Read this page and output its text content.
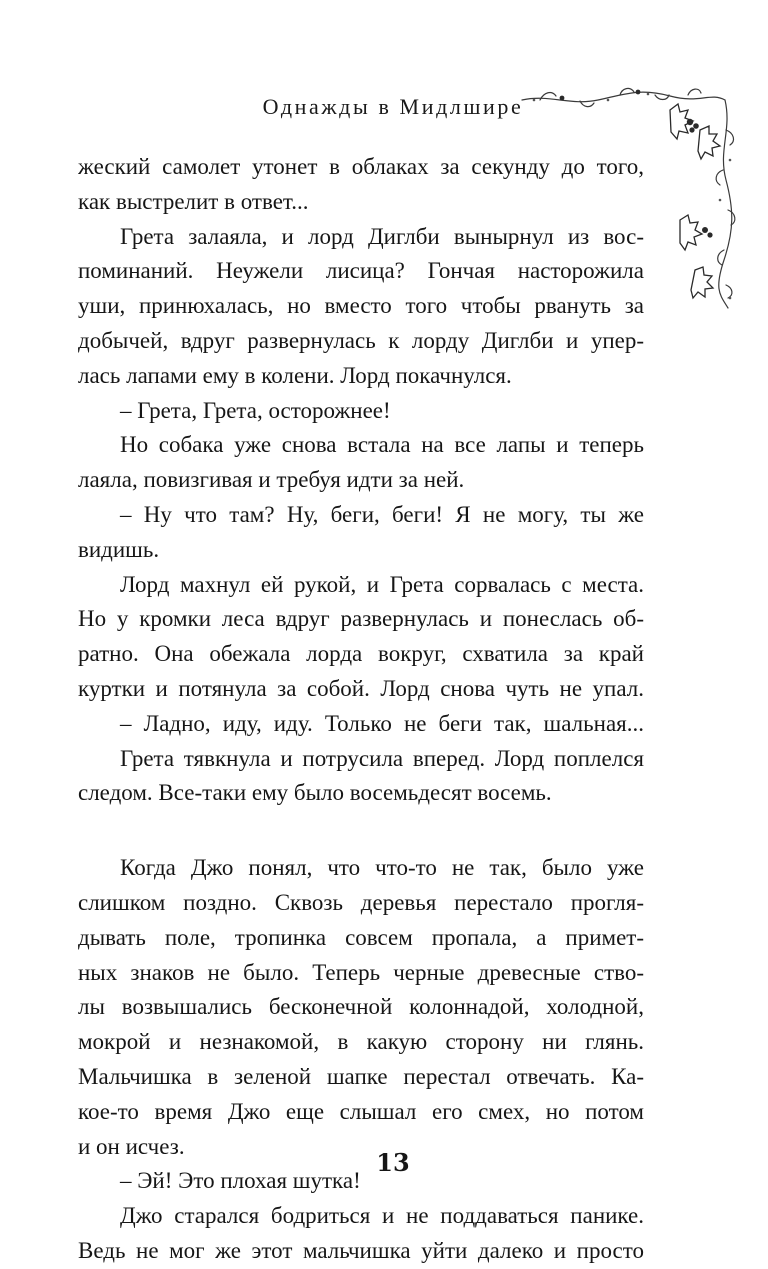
Однажды в Мидлшире
жеский самолет утонет в облаках за секунду до того,
как выстрелит в ответ...
Грета залаяла, и лорд Диглби вынырнул из вос-
поминаний. Неужели лисица? Гончая насторожила
уши, принюхалась, но вместо того чтобы рвануть за
добычей, вдруг развернулась к лорду Диглби и упер-
лась лапами ему в колени. Лорд покачнулся.
– Грета, Грета, осторожнее!
Но собака уже снова встала на все лапы и теперь
лаяла, повизгивая и требуя идти за ней.
– Ну что там? Ну, беги, беги! Я не могу, ты же
видишь.
Лорд махнул ей рукой, и Грета сорвалась с места.
Но у кромки леса вдруг развернулась и понеслась об-
ратно. Она обежала лорда вокруг, схватила за край
куртки и потянула за собой. Лорд снова чуть не упал.
– Ладно, иду, иду. Только не беги так, шальная...
Грета тявкнула и потрусила вперед. Лорд поплелся
следом. Все-таки ему было восемьдесят восемь.
Когда Джо понял, что что-то не так, было уже
слишком поздно. Сквозь деревья перестало прогля-
дывать поле, тропинка совсем пропала, а примет-
ных знаков не было. Теперь черные древесные ство-
лы возвышались бесконечной колоннадой, холодной,
мокрой и незнакомой, в какую сторону ни глянь.
Мальчишка в зеленой шапке перестал отвечать. Ка-
кое-то время Джо еще слышал его смех, но потом
и он исчез.
– Эй! Это плохая шутка!
Джо старался бодриться и не поддаваться панике.
Ведь не мог же этот мальчишка уйти далеко и просто
13
